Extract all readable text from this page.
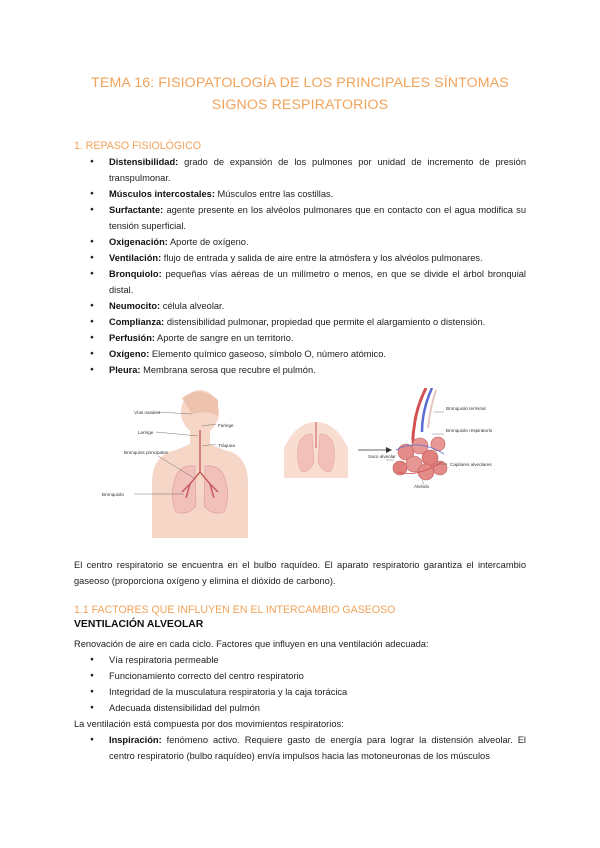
TEMA 16: FISIOPATOLOGÍA DE LOS PRINCIPALES SÍNTOMAS
SIGNOS RESPIRATORIOS
1. REPASO FISIOLÓGICO
● Distensibilidad: grado de expansión de los pulmones por unidad de incremento de presión transpulmonar.
● Músculos intercostales: Músculos entre las costillas.
● Surfactante: agente presente en los alvéolos pulmonares que en contacto con el agua modifica su tensión superficial.
● Oxigenación: Aporte de oxígeno.
● Ventilación: flujo de entrada y salida de aire entre la atmósfera y los alvéolos pulmonares.
● Bronquiolo: pequeñas vías aéreas de un milímetro o menos, en que se divide el árbol bronquial distal.
● Neumocito: célula alveolar.
● Complianza: distensibilidad pulmonar, propiedad que permite el alargamiento o distensión.
● Perfusión: Aporte de sangre en un territorio.
● Oxígeno: Elemento químico gaseoso, símbolo O, número atómico.
● Pleura: Membrana serosa que recubre el pulmón.
Vías nasales
Faringe
Laringe
Tráquea
Bronquios principales
Bronquiolo
Bronquiolo terminal
Bronquiolo respiratorio
Saco alveolar
Capilares alveolares
Alvéolo
El centro respiratorio se encuentra en el bulbo raquídeo. El aparato respiratorio garantiza el intercambio gaseoso (proporciona oxígeno y elimina el dióxido de carbono).
1.1 FACTORES QUE INFLUYEN EN EL INTERCAMBIO GASEOSO
VENTILACIÓN ALVEOLAR
Renovación de aire en cada ciclo. Factores que influyen en una ventilación adecuada:
● Vía respiratoria permeable
● Funcionamiento correcto del centro respiratorio
● Integridad de la musculatura respiratoria y la caja torácica
● Adecuada distensibilidad del pulmón
La ventilación está compuesta por dos movimientos respiratorios:
● Inspiración: fenómeno activo. Requiere gasto de energía para lograr la distensión alveolar. El centro respiratorio (bulbo raquídeo) envía impulsos hacia las motoneuronas de los músculos
